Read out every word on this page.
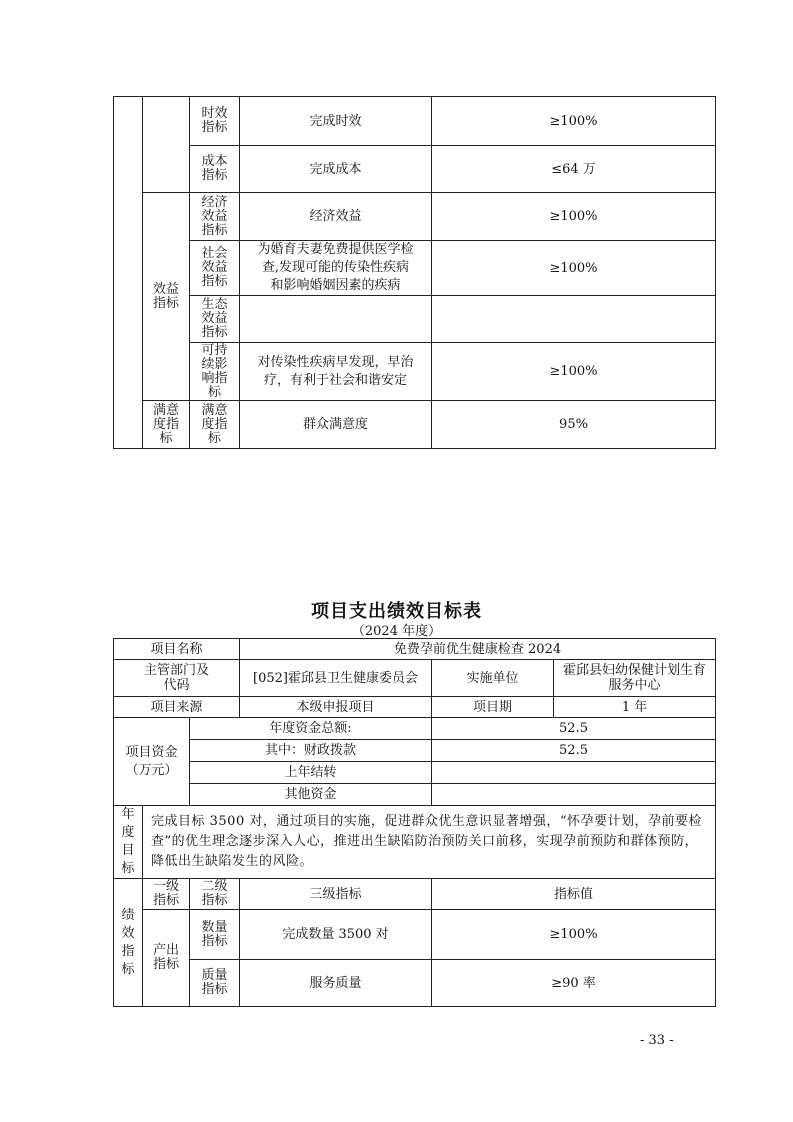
		时效指标	完成时效	≥100%
		成本指标	完成成本	≤64 万
	效益指标	经济效益指标	经济效益	≥100%
		社会效益指标	为婚育夫妻免费提供医学检查,发现可能的传染性疾病和影响婚姻因素的疾病	≥100%
		生态效益指标		
		可持续影响指标	对传染性疾病早发现，早治疗，有利于社会和谐安定	≥100%
	满意度指标	满意度指标	群众满意度	95%
项目支出绩效目标表
（2024 年度）
项目名称			免费孕前优生健康检查 2024		
主管部门及代码			[052]霍邱县卫生健康委员会	实施单位	霍邱县妇幼保健计划生育服务中心
项目来源			本级申报项目	项目期	1 年
项目资金（万元）		年度资金总额:		52.5	
		其中：财政拨款		52.5	
		上年结转			
		其他资金			
年度目标	完成目标 3500 对，通过项目的实施，促进群众优生意识显著增强，“怀孕要计划，孕前要检查”的优生理念逐步深入人心，推进出生缺陷防治预防关口前移，实现孕前预防和群体预防，降低出生缺陷发生的风险。				
绩效指标	一级指标	二级指标	三级指标	指标值	
	产出指标	数量指标	完成数量 3500 对	≥100%	
		质量指标	服务质量	≥90 率	
- 33 -
